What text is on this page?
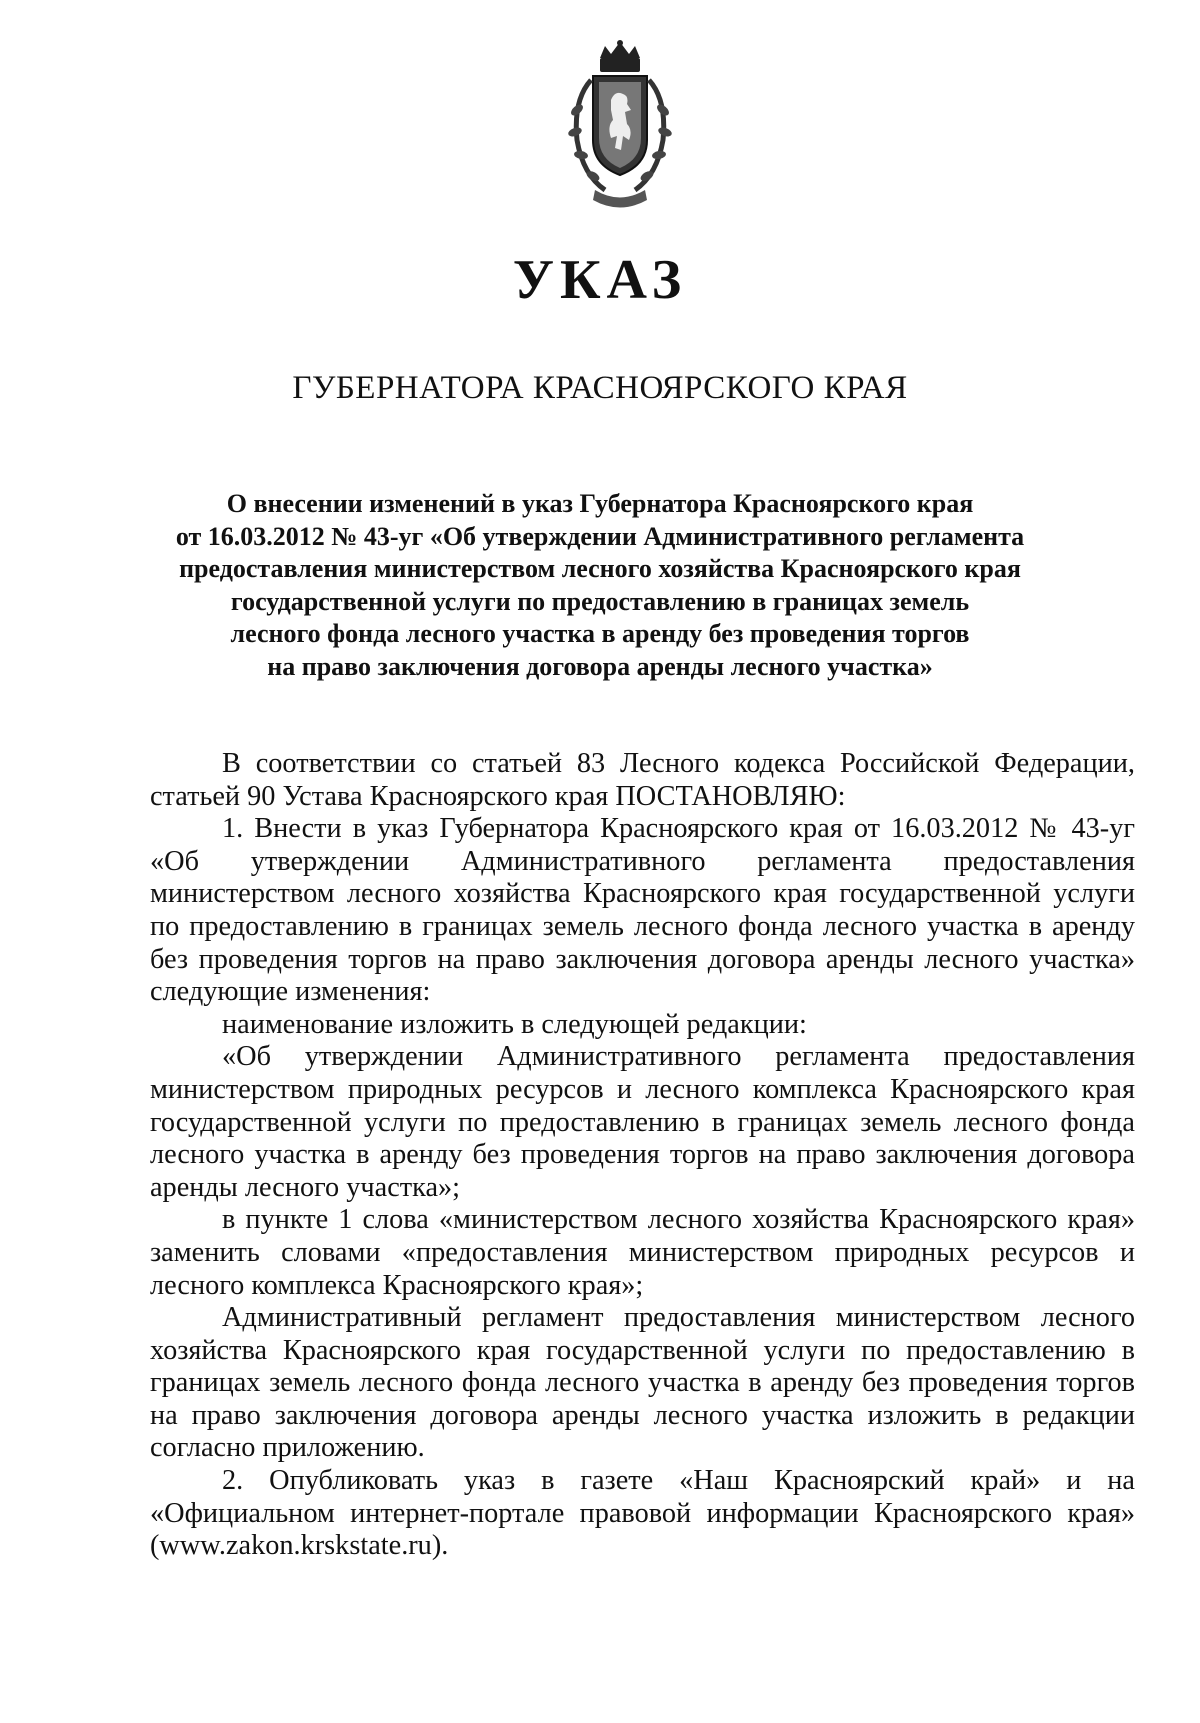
УКАЗ
ГУБЕРНАТОРА КРАСНОЯРСКОГО КРАЯ
О внесении изменений в указ Губернатора Красноярского края
от 16.03.2012 № 43-уг «Об утверждении Административного регламента
предоставления министерством лесного хозяйства Красноярского края
государственной услуги по предоставлению в границах земель
лесного фонда лесного участка в аренду без проведения торгов
на право заключения договора аренды лесного участка»

В соответствии со статьей 83 Лесного кодекса Российской Федерации, статьей 90 Устава Красноярского края ПОСТАНОВЛЯЮ:

1. Внести в указ Губернатора Красноярского края от 16.03.2012 № 43-уг «Об утверждении Административного регламента предоставления министерством лесного хозяйства Красноярского края государственной услуги по предоставлению в границах земель лесного фонда лесного участка в аренду без проведения торгов на право заключения договора аренды лесного участка» следующие изменения:

наименование изложить в следующей редакции:

«Об утверждении Административного регламента предоставления министерством природных ресурсов и лесного комплекса Красноярского края государственной услуги по предоставлению в границах земель лесного фонда лесного участка в аренду без проведения торгов на право заключения договора аренды лесного участка»;

в пункте 1 слова «министерством лесного хозяйства Красноярского края» заменить словами «предоставления министерством природных ресурсов и лесного комплекса Красноярского края»;

Административный регламент предоставления министерством лесного хозяйства Красноярского края государственной услуги по предоставлению в границах земель лесного фонда лесного участка в аренду без проведения торгов на право заключения договора аренды лесного участка изложить в редакции согласно приложению.

2. Опубликовать указ в газете «Наш Красноярский край» и на «Официальном интернет-портале правовой информации Красноярского края» (www.zakon.krskstate.ru).
